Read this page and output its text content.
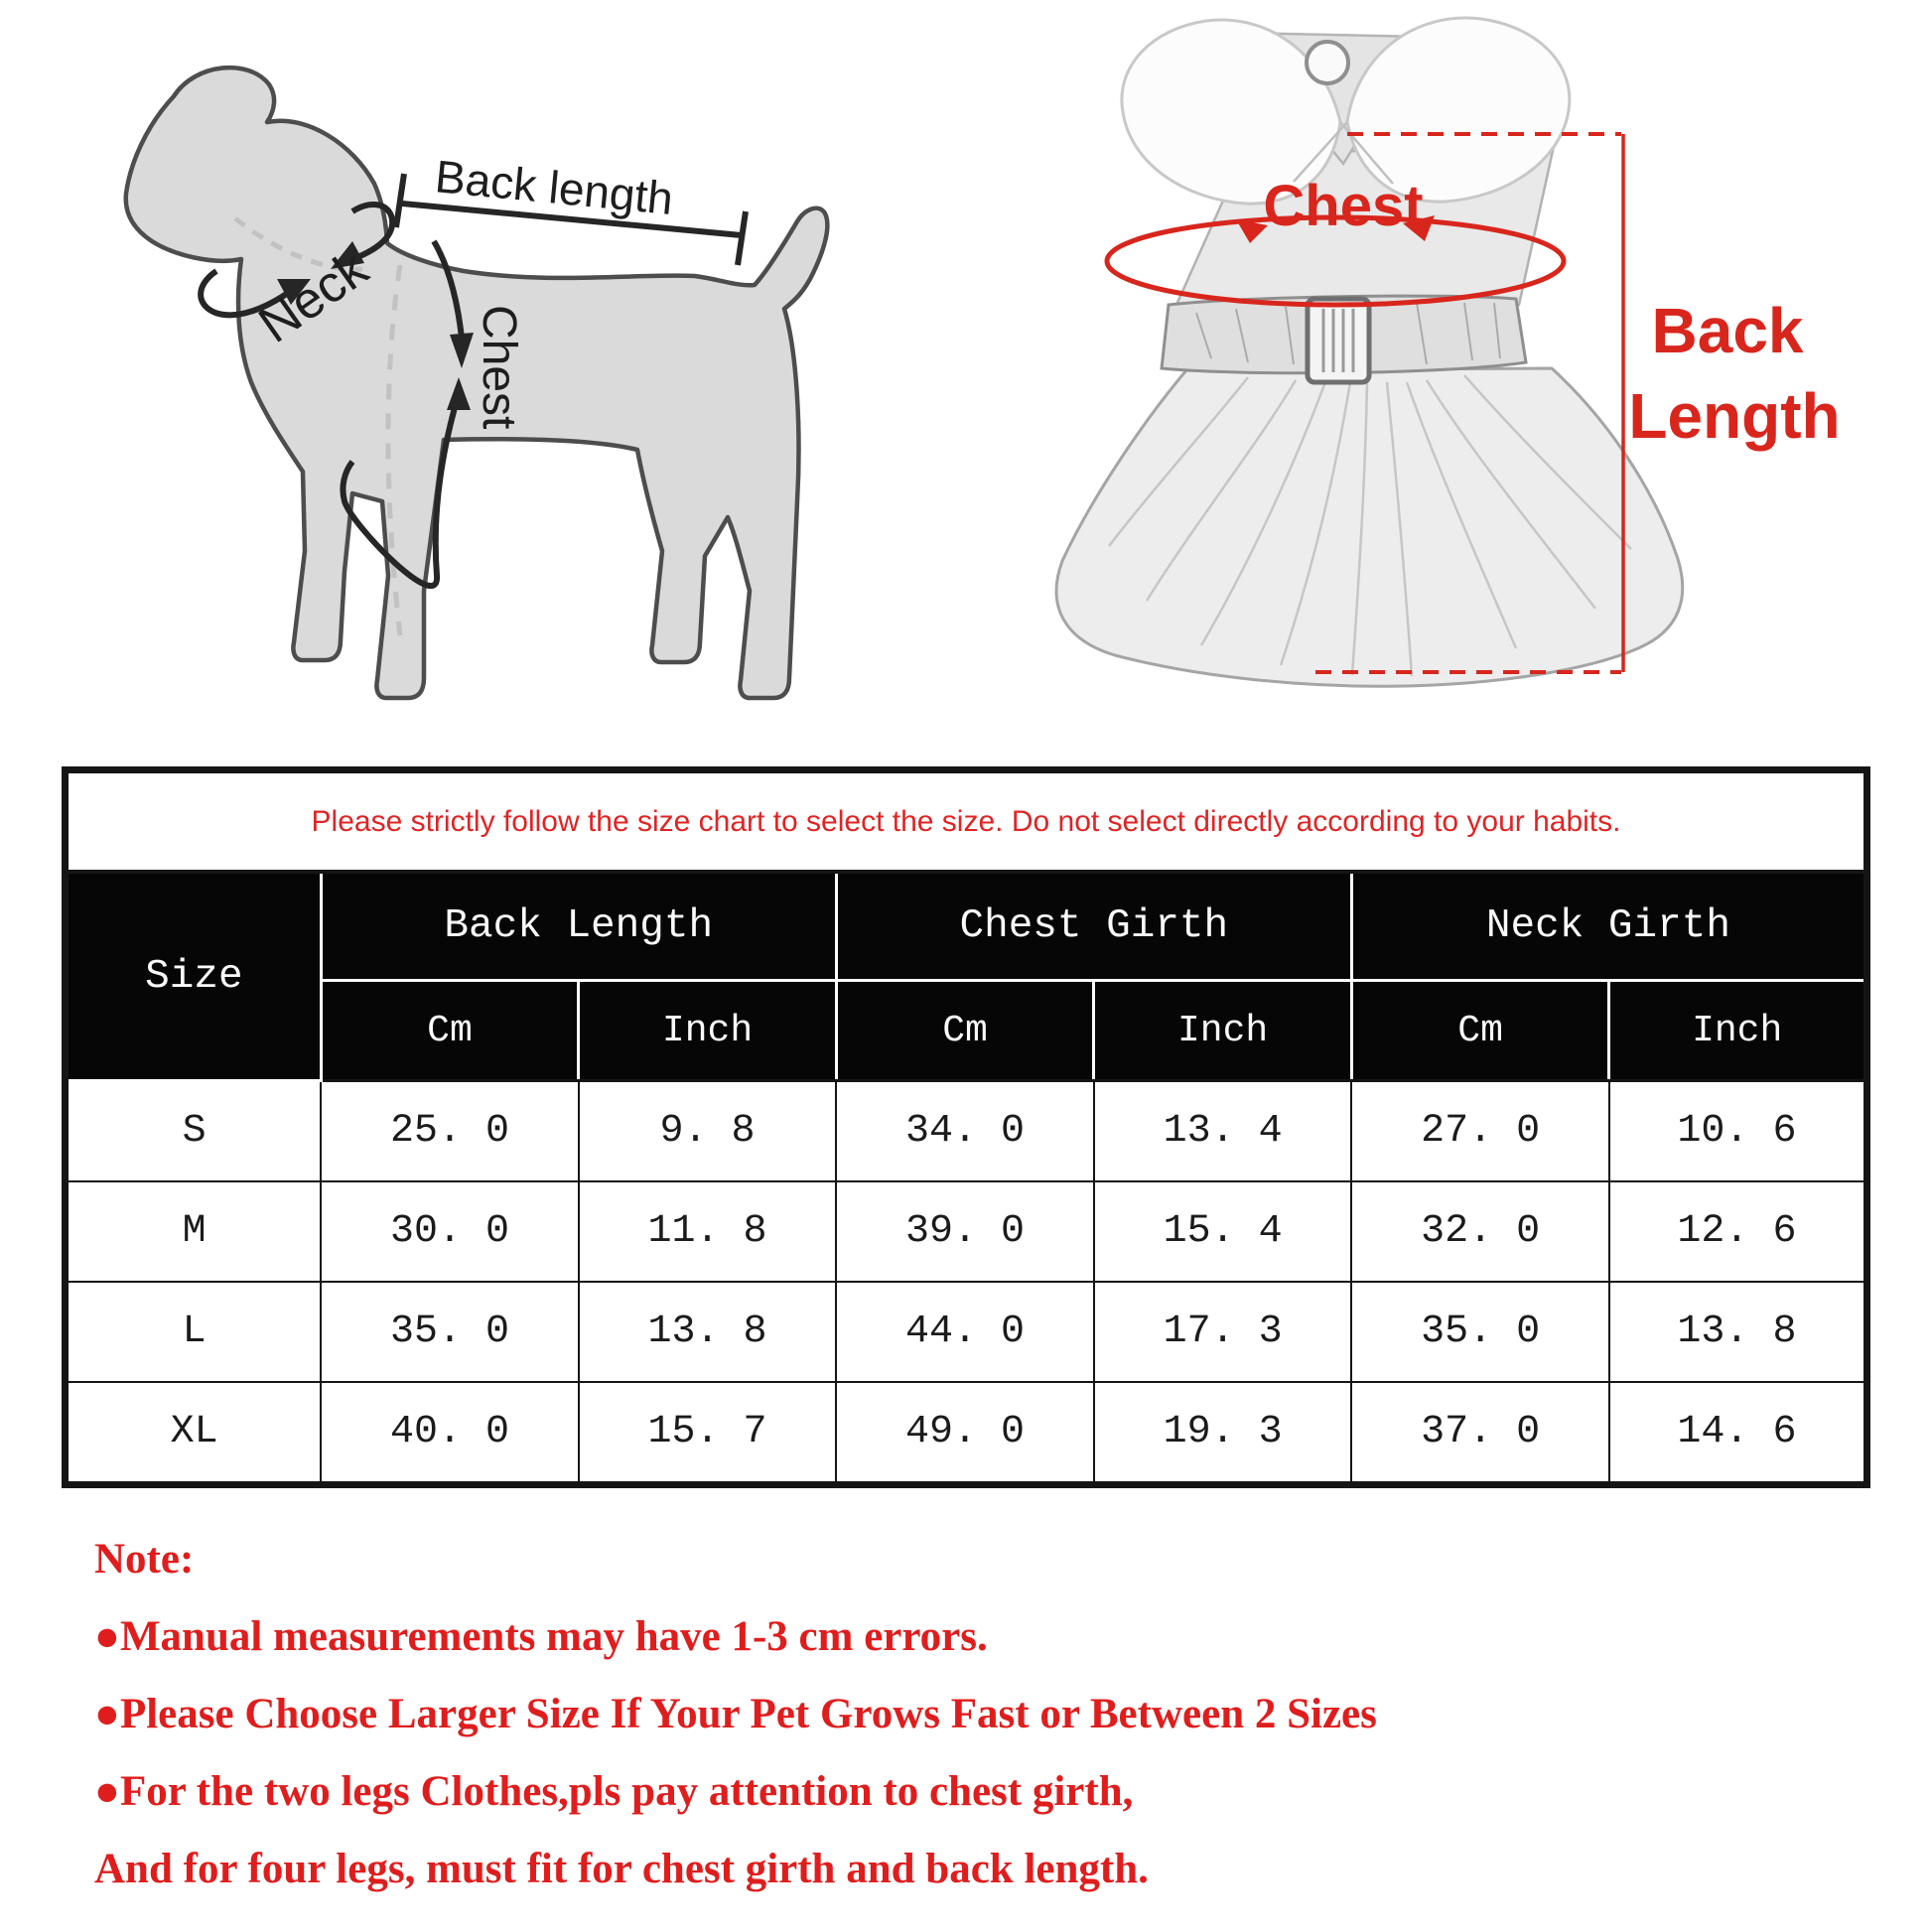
Back length
Neck
Chest
Chest
Back
Length
Please strictly follow the size chart to select the size. Do not select directly according to your habits.						
Size	Back Length		Chest Girth		Neck Girth	
	Cm	Inch	Cm	Inch	Cm	Inch
S	25. 0	9. 8	34. 0	13. 4	27. 0	10. 6
M	30. 0	11. 8	39. 0	15. 4	32. 0	12. 6
L	35. 0	13. 8	44. 0	17. 3	35. 0	13. 8
XL	40. 0	15. 7	49. 0	19. 3	37. 0	14. 6
Note:
●Manual measurements may have 1-3 cm errors.
●Please Choose Larger Size If Your Pet Grows Fast or Between 2 Sizes
●For the two legs Clothes,pls pay attention to chest girth,
And for four legs, must fit for chest girth and back length.
